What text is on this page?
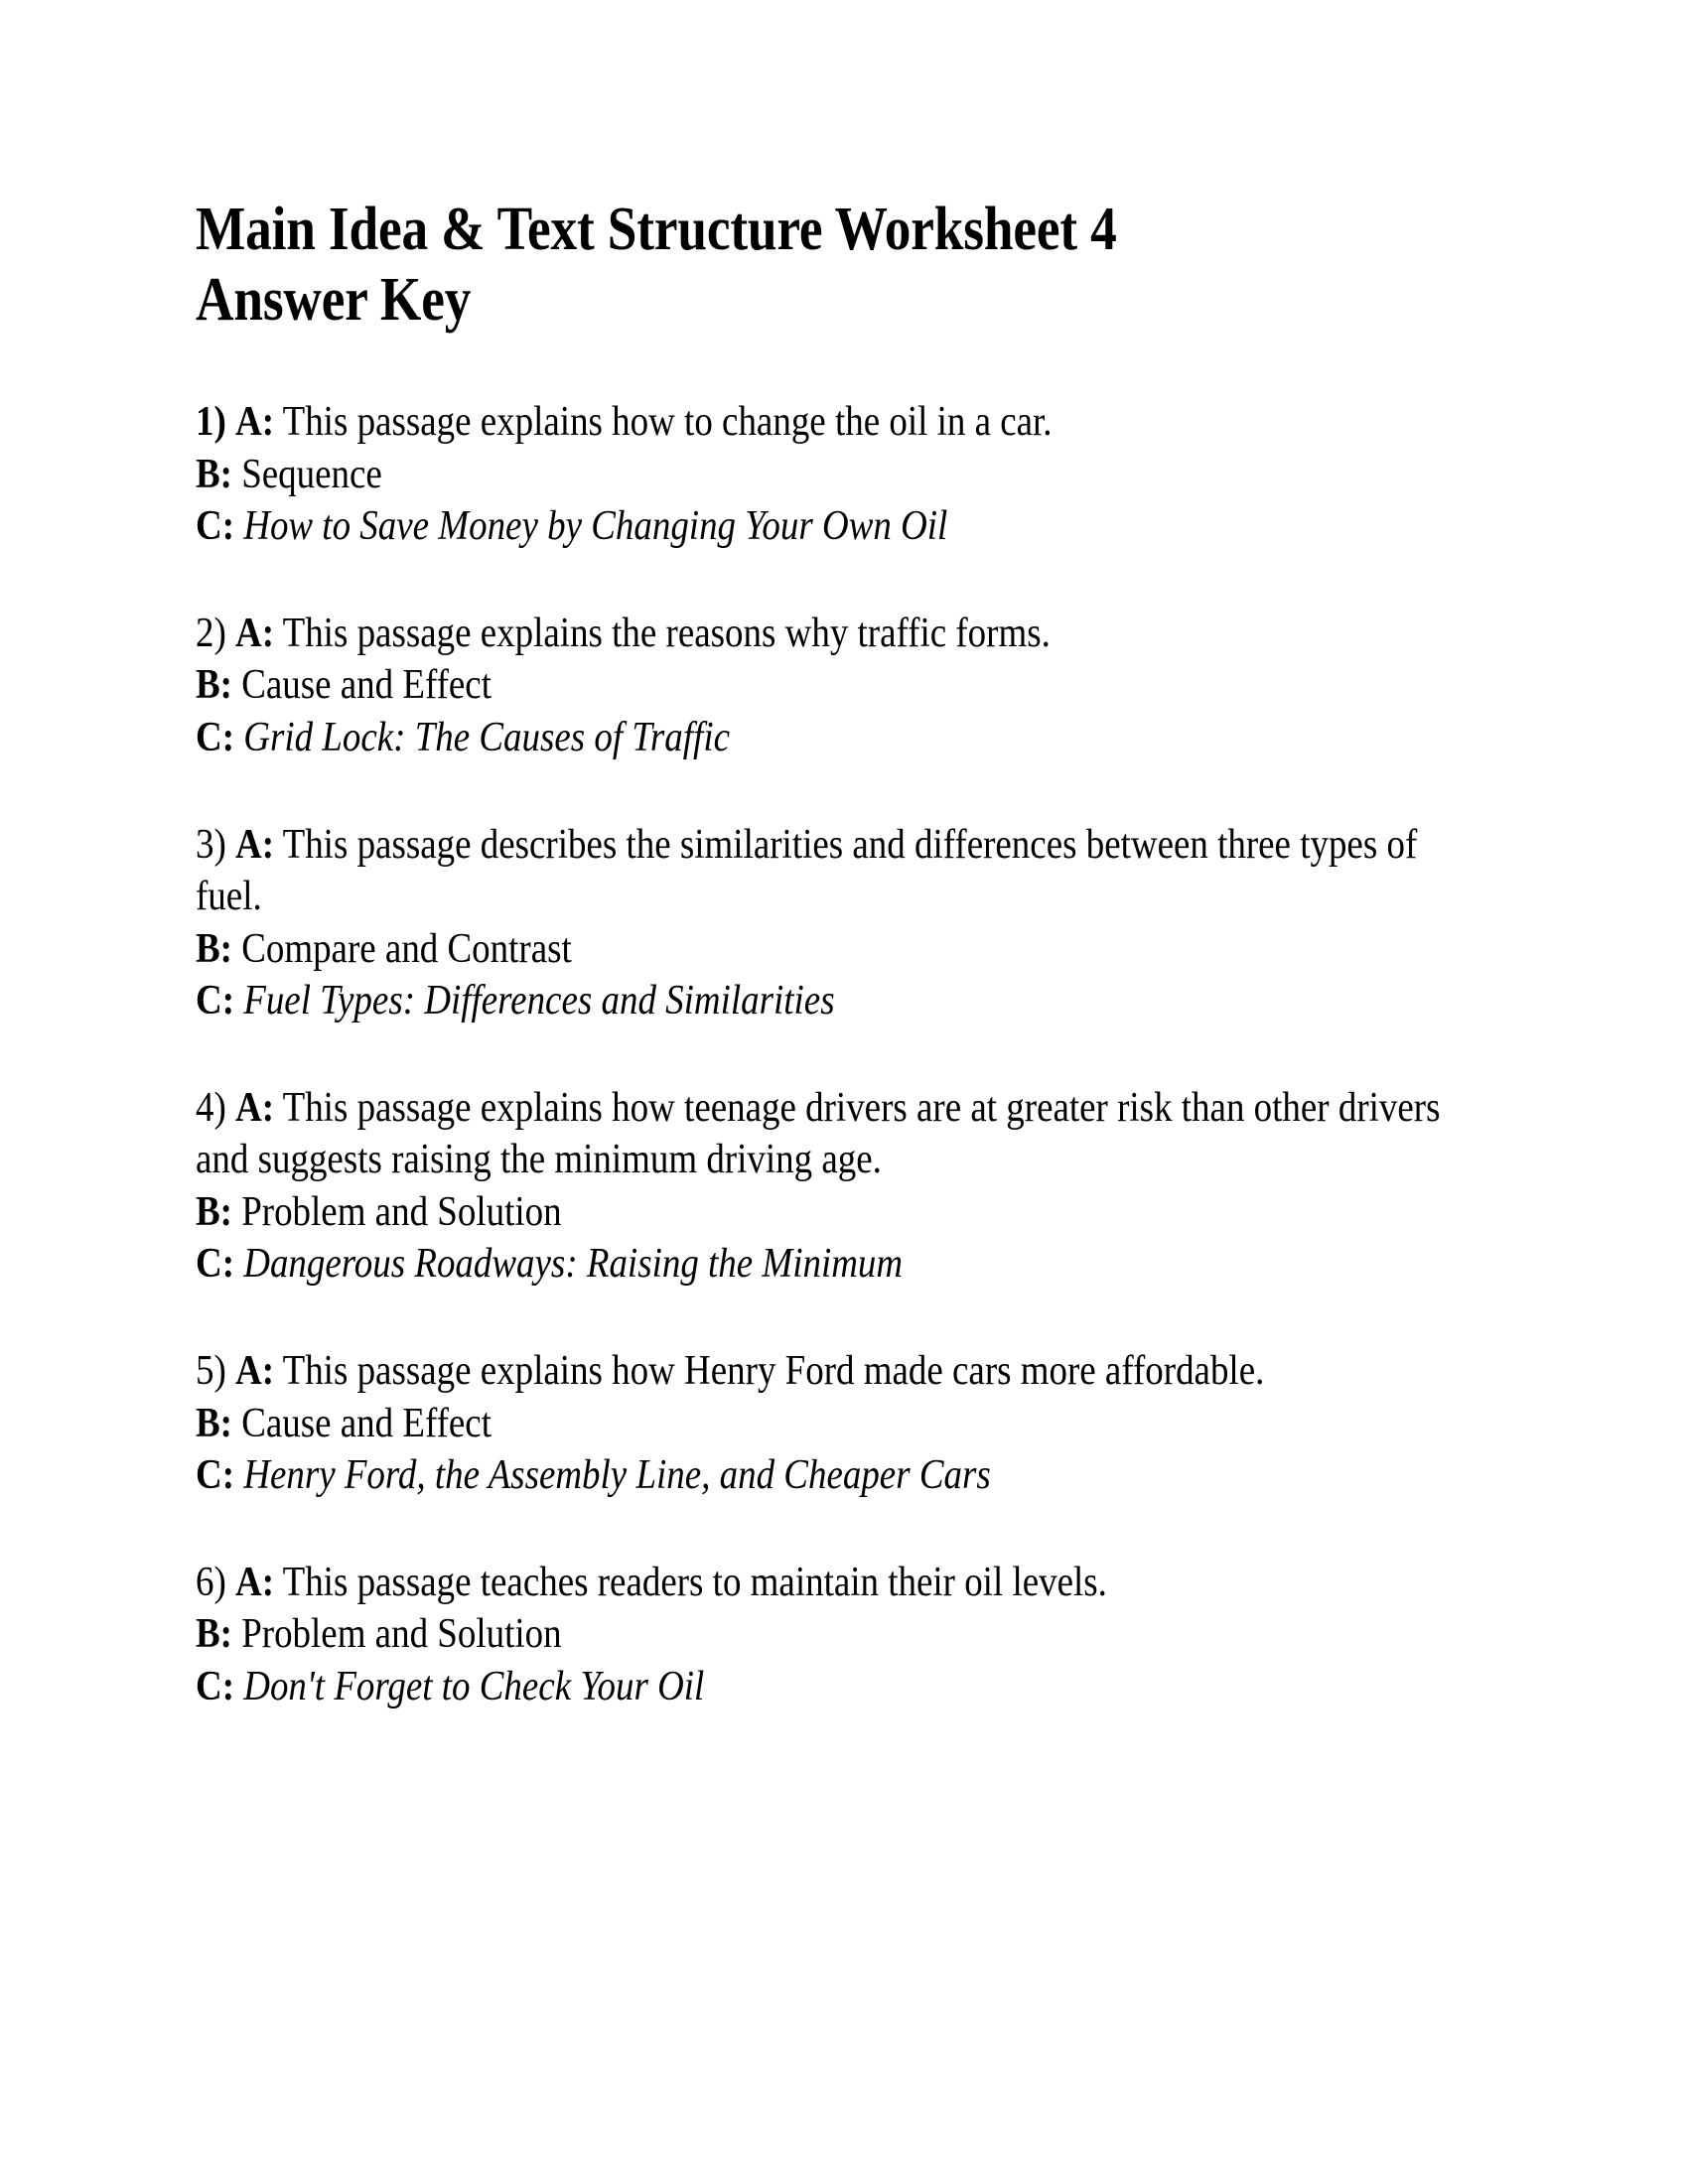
Main Idea & Text Structure Worksheet 4
Answer Key
1) A: This passage explains how to change the oil in a car.
B: Sequence
C: How to Save Money by Changing Your Own Oil
2) A: This passage explains the reasons why traffic forms.
B: Cause and Effect
C: Grid Lock: The Causes of Traffic
3) A: This passage describes the similarities and differences between three types of fuel.
B: Compare and Contrast
C: Fuel Types: Differences and Similarities
4) A: This passage explains how teenage drivers are at greater risk than other drivers and suggests raising the minimum driving age.
B: Problem and Solution
C: Dangerous Roadways: Raising the Minimum
5) A: This passage explains how Henry Ford made cars more affordable.
B: Cause and Effect
C: Henry Ford, the Assembly Line, and Cheaper Cars
6) A: This passage teaches readers to maintain their oil levels.
B: Problem and Solution
C: Don't Forget to Check Your Oil
